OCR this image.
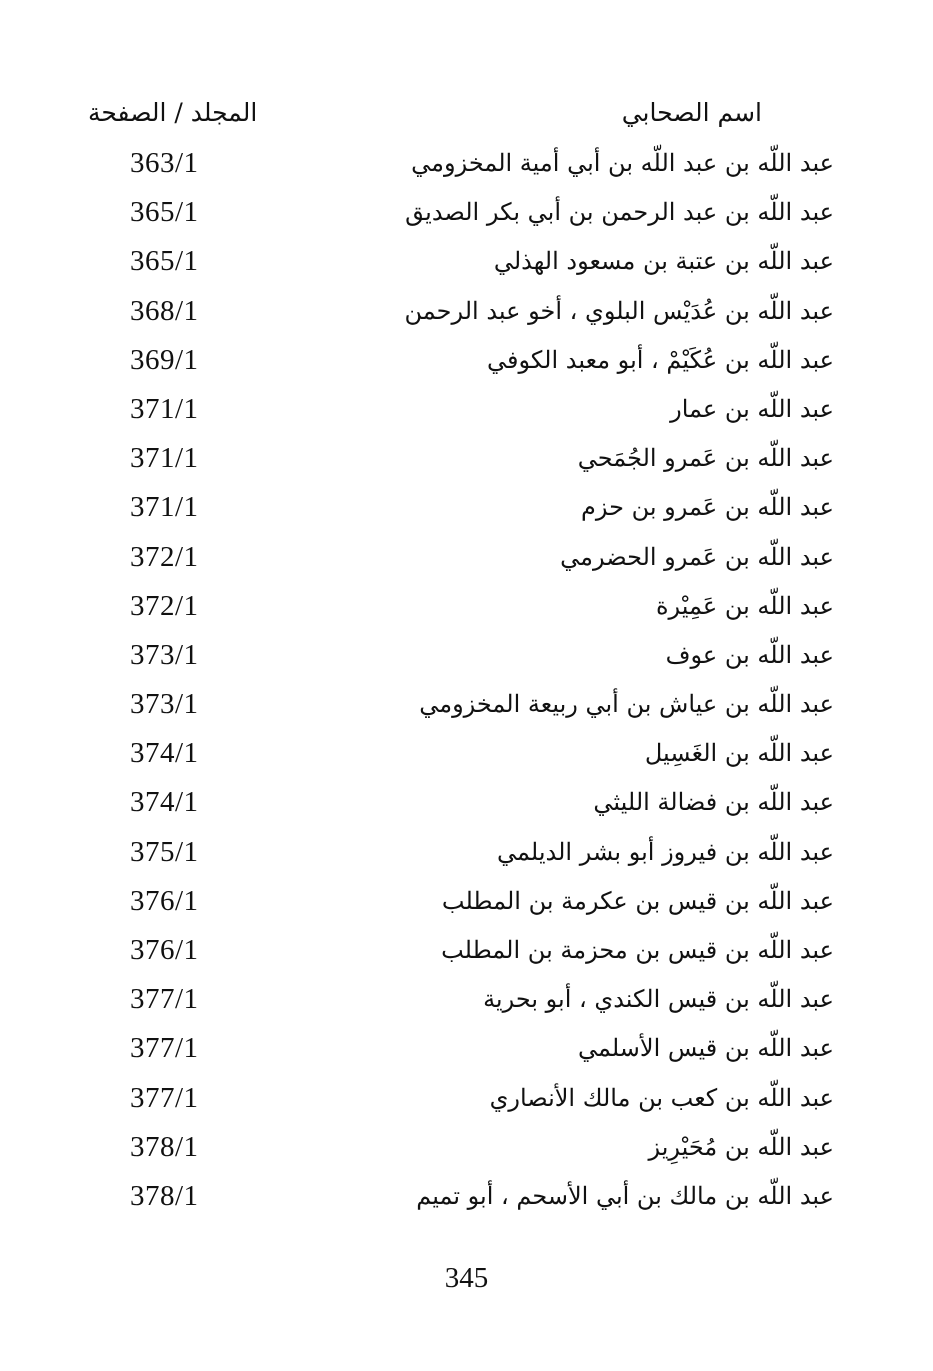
اسم الصحابي
المجلد / الصفحة
عبد اللّه بن عبد اللّه بن أبي أمية المخزومي
363/1
عبد اللّه بن عبد الرحمن بن أبي بكر الصديق
365/1
عبد اللّه بن عتبة بن مسعود الهذلي
365/1
عبد اللّه بن عُدَيْس البلوي ، أخو عبد الرحمن
368/1
عبد اللّه بن عُكَيْمْ ، أبو معبد الكوفي
369/1
عبد اللّه بن عمار
371/1
عبد اللّه بن عَمرو الجُمَحي
371/1
عبد اللّه بن عَمرو بن حزم
371/1
عبد اللّه بن عَمرو الحضرمي
372/1
عبد اللّه بن عَمِيْرة
372/1
عبد اللّه بن عوف
373/1
عبد اللّه بن عياش بن أبي ربيعة المخزومي
373/1
عبد اللّه بن الغَسِيل
374/1
عبد اللّه بن فضالة الليثي
374/1
عبد اللّه بن فيروز أبو بشر الديلمي
375/1
عبد اللّه بن قيس بن عكرمة بن المطلب
376/1
عبد اللّه بن قيس بن محزمة بن المطلب
376/1
عبد اللّه بن قيس الكندي ، أبو بحرية
377/1
عبد اللّه بن قيس الأسلمي
377/1
عبد اللّه بن كعب بن مالك الأنصاري
377/1
عبد اللّه بن مُحَيْرِيز
378/1
عبد اللّه بن مالك بن أبي الأسحم ، أبو تميم
378/1
345
